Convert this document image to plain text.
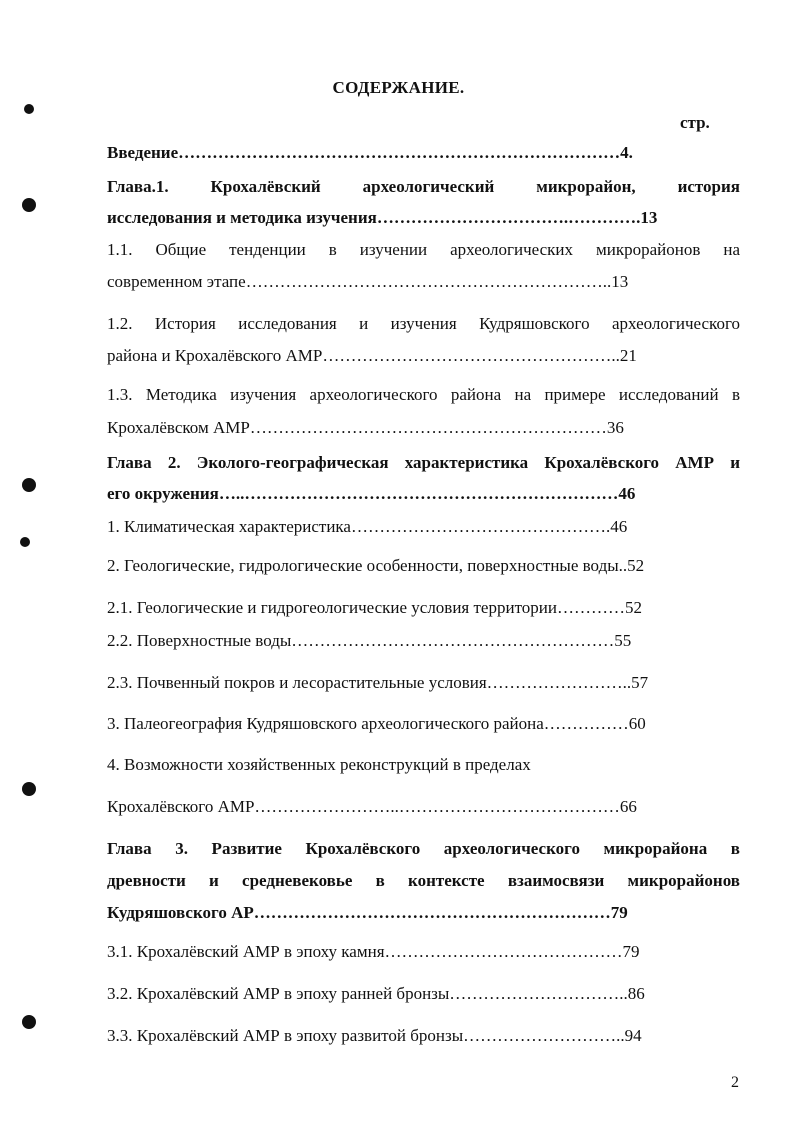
СОДЕРЖАНИЕ.
стр.
Введение……………………………………………………………………4.
Глава.1. Крохалёвский археологический микрорайон, история
исследования и методика изучения…………………………….………….13
1.1. Общие тенденции в изучении археологических микрорайонов на
современном этапе………………………………………………………..13
1.2. История исследования и изучения Кудряшовского археологического
района и Крохалёвского АМР……………………………………………..21
1.3. Методика изучения археологического района на примере исследований в
Крохалёвском АМР………………………………………………………36
Глава 2. Эколого-географическая характеристика Крохалёвского АМР и
его окружения…..…………………………………………………………46
1. Климатическая характеристика……………………………………….46
2. Геологические, гидрологические особенности, поверхностные воды..52
2.1. Геологические и гидрогеологические условия территории…………52
2.2. Поверхностные воды…………………………………………………55
2.3. Почвенный покров и лесорастительные условия……………………..57
3. Палеогеография Кудряшовского археологического района……………60
4. Возможности хозяйственных реконструкций в пределах
Крохалёвского АМР……………………..…………………………………66
Глава 3. Развитие Крохалёвского археологического микрорайона в
древности и средневековье в контексте взаимосвязи микрорайонов
Кудряшовского АР………………………………………………………79
3.1. Крохалёвский АМР в эпоху камня……………………………………79
3.2. Крохалёвский АМР в эпоху ранней бронзы…………………………..86
3.3. Крохалёвский АМР в эпоху развитой бронзы………………………..94
2
